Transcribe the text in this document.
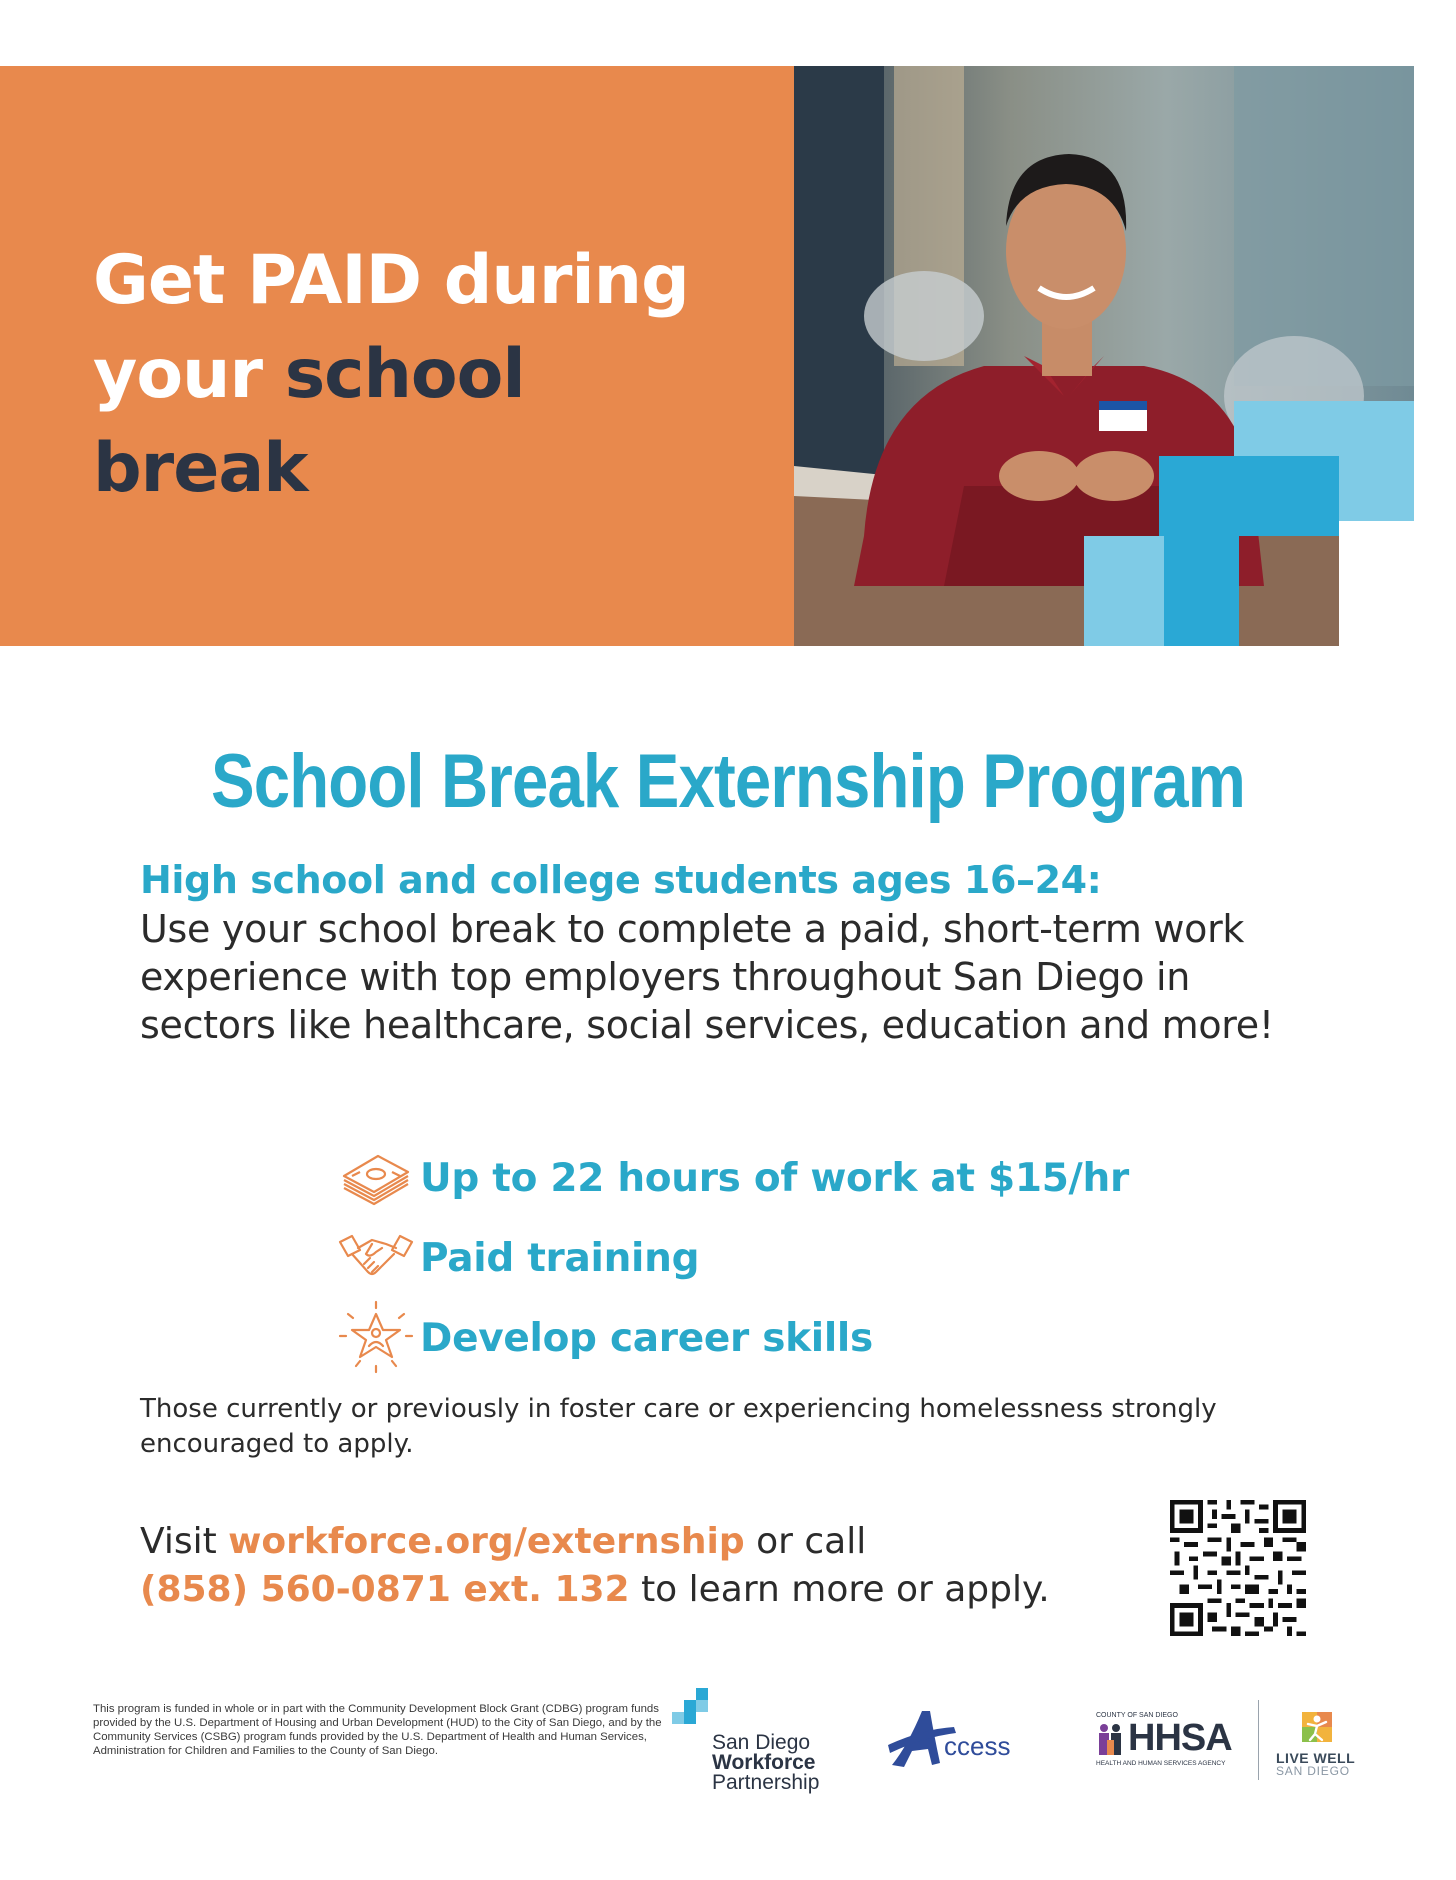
Get PAID during
your school
break
School Break Externship Program
High school and college students ages 16–24:
Use your school break to complete a paid, short-term work experience with top employers throughout San Diego in sectors like healthcare, social services, education and more!
Up to 22 hours of work at $15/hr
Paid training
Develop career skills
Those currently or previously in foster care or experiencing homelessness strongly encouraged to apply.
Visit workforce.org/externship or call
(858) 560-0871 ext. 132 to learn more or apply.
This program is funded in whole or in part with the Community Development Block Grant (CDBG) program funds provided by the U.S. Department of Housing and Urban Development (HUD) to the City of San Diego, and by the Community Services (CSBG) program funds provided by the U.S. Department of Health and Human Services, Administration for Children and Families to the County of San Diego.	San Diego
Workforce
Partnership
ccess
COUNTY OF SAN DIEGO
HHSA
HEALTH AND HUMAN SERVICES AGENCY	LIVE WELL
SAN DIEGO
